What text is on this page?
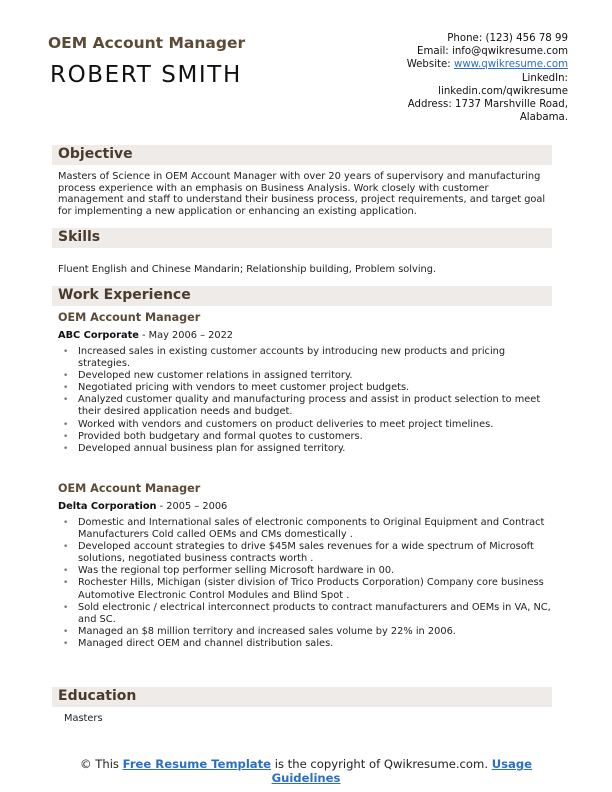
OEM Account Manager
ROBERT SMITH
Phone: (123) 456 78 99
Email: info@qwikresume.com
Website: www.qwikresume.com
LinkedIn:
linkedin.com/qwikresume
Address: 1737 Marshville Road,
Alabama.
Objective
Masters of Science in OEM Account Manager with over 20 years of supervisory and manufacturing process experience with an emphasis on Business Analysis. Work closely with customer management and staff to understand their business process, project requirements, and target goal for implementing a new application or enhancing an existing application.
Skills
Fluent English and Chinese Mandarin; Relationship building, Problem solving.
Work Experience
OEM Account Manager
ABC Corporate - May 2006 – 2022
• Increased sales in existing customer accounts by introducing new products and pricing strategies.
• Developed new customer relations in assigned territory.
• Negotiated pricing with vendors to meet customer project budgets.
• Analyzed customer quality and manufacturing process and assist in product selection to meet their desired application needs and budget.
• Worked with vendors and customers on product deliveries to meet project timelines.
• Provided both budgetary and formal quotes to customers.
• Developed annual business plan for assigned territory.
OEM Account Manager
Delta Corporation - 2005 – 2006
• Domestic and International sales of electronic components to Original Equipment and Contract Manufacturers Cold called OEMs and CMs domestically .
• Developed account strategies to drive $45M sales revenues for a wide spectrum of Microsoft solutions, negotiated business contracts worth .
• Was the regional top performer selling Microsoft hardware in 00.
• Rochester Hills, Michigan (sister division of Trico Products Corporation) Company core business Automotive Electronic Control Modules and Blind Spot .
• Sold electronic / electrical interconnect products to contract manufacturers and OEMs in VA, NC, and SC.
• Managed an $8 million territory and increased sales volume by 22% in 2006.
• Managed direct OEM and channel distribution sales.
Education
Masters
© This Free Resume Template is the copyright of Qwikresume.com. Usage
Guidelines
